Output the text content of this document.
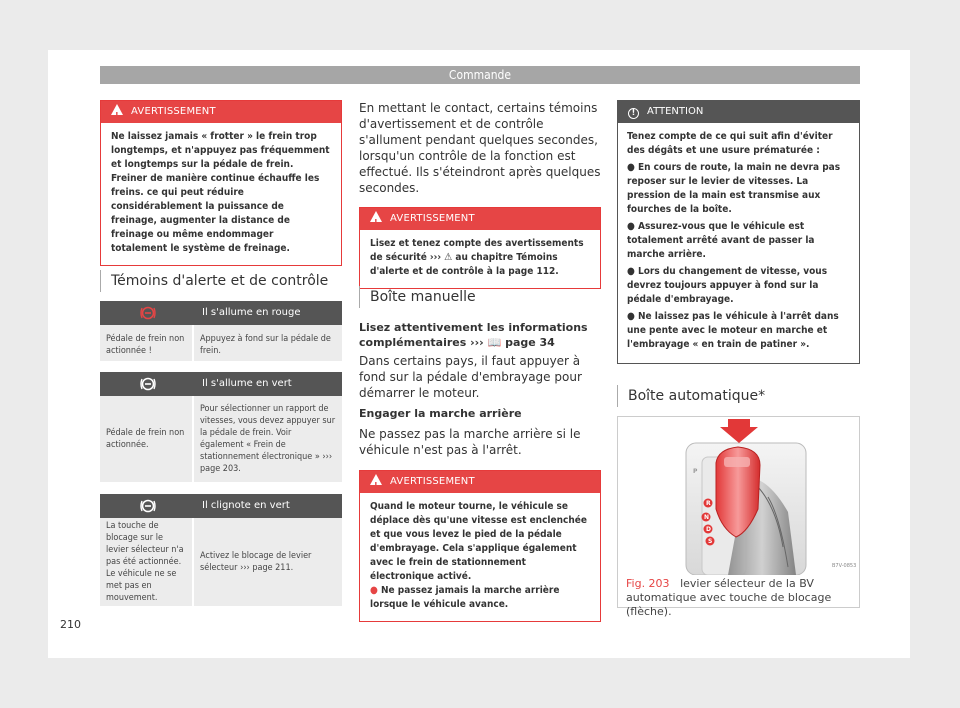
Commande
!AVERTISSEMENT
Ne laissez jamais « frotter » le frein trop longtemps, et n'appuyez pas fréquemment et longtemps sur la pédale de frein. Freiner de manière continue échauffe les freins. ce qui peut réduire considérablement la puissance de freinage, augmenter la distance de freinage ou même endommager totalement le système de freinage.
Témoins d'alerte et de contrôle
Il s'allume en rouge
Pédale de frein non actionnée !
Appuyez à fond sur la pédale de frein.
Il s'allume en vert
Pédale de frein non actionnée.
Pour sélectionner un rapport de vitesses, vous devez appuyer sur la pédale de frein. Voir également « Frein de stationnement électronique » ››› page 203.
Il clignote en vert
La touche de blocage sur le levier sélecteur n'a pas été actionnée. Le véhicule ne se met pas en mouvement.
Activez le blocage de levier sélecteur ››› page 211.

En mettant le contact, certains témoins d'avertissement et de contrôle s'allument pendant quelques secondes, lorsqu'un contrôle de la fonction est effectué. Ils s'éteindront après quelques secondes.

!AVERTISSEMENT
Lisez et tenez compte des avertissements de sécurité ››› ⚠ au chapitre Témoins d'alerte et de contrôle à la page 112.
Boîte manuelle

Lisez attentivement les informations complémentaires ››› 📖 page 34

Dans certains pays, il faut appuyer à fond sur la pédale d'embrayage pour démarrer le moteur.

Engager la marche arrière

Ne passez pas la marche arrière si le véhicule n'est pas à l'arrêt.

!AVERTISSEMENT
Quand le moteur tourne, le véhicule se déplace dès qu'une vitesse est enclenchée et que vous levez le pied de la pédale d'embrayage. Cela s'applique également avec le frein de stationnement électronique activé.
● Ne passez jamais la marche arrière lorsque le véhicule avance.
! ATTENTION

Tenez compte de ce qui suit afin d'éviter des dégâts et une usure prématurée :

● En cours de route, la main ne devra pas reposer sur le levier de vitesses. La pression de la main est transmise aux fourches de la boîte.

● Assurez-vous que le véhicule est totalement arrêté avant de passer la marche arrière.

● Lors du changement de vitesse, vous devrez toujours appuyer à fond sur la pédale d'embrayage.

● Ne laissez pas le véhicule à l'arrêt dans une pente avec le moteur en marche et l'embrayage « en train de patiner ».

Boîte automatique*
P
R
N
D
S
B7V-0853
Fig. 203 levier sélecteur de la BV automatique avec touche de blocage (flèche).
210
